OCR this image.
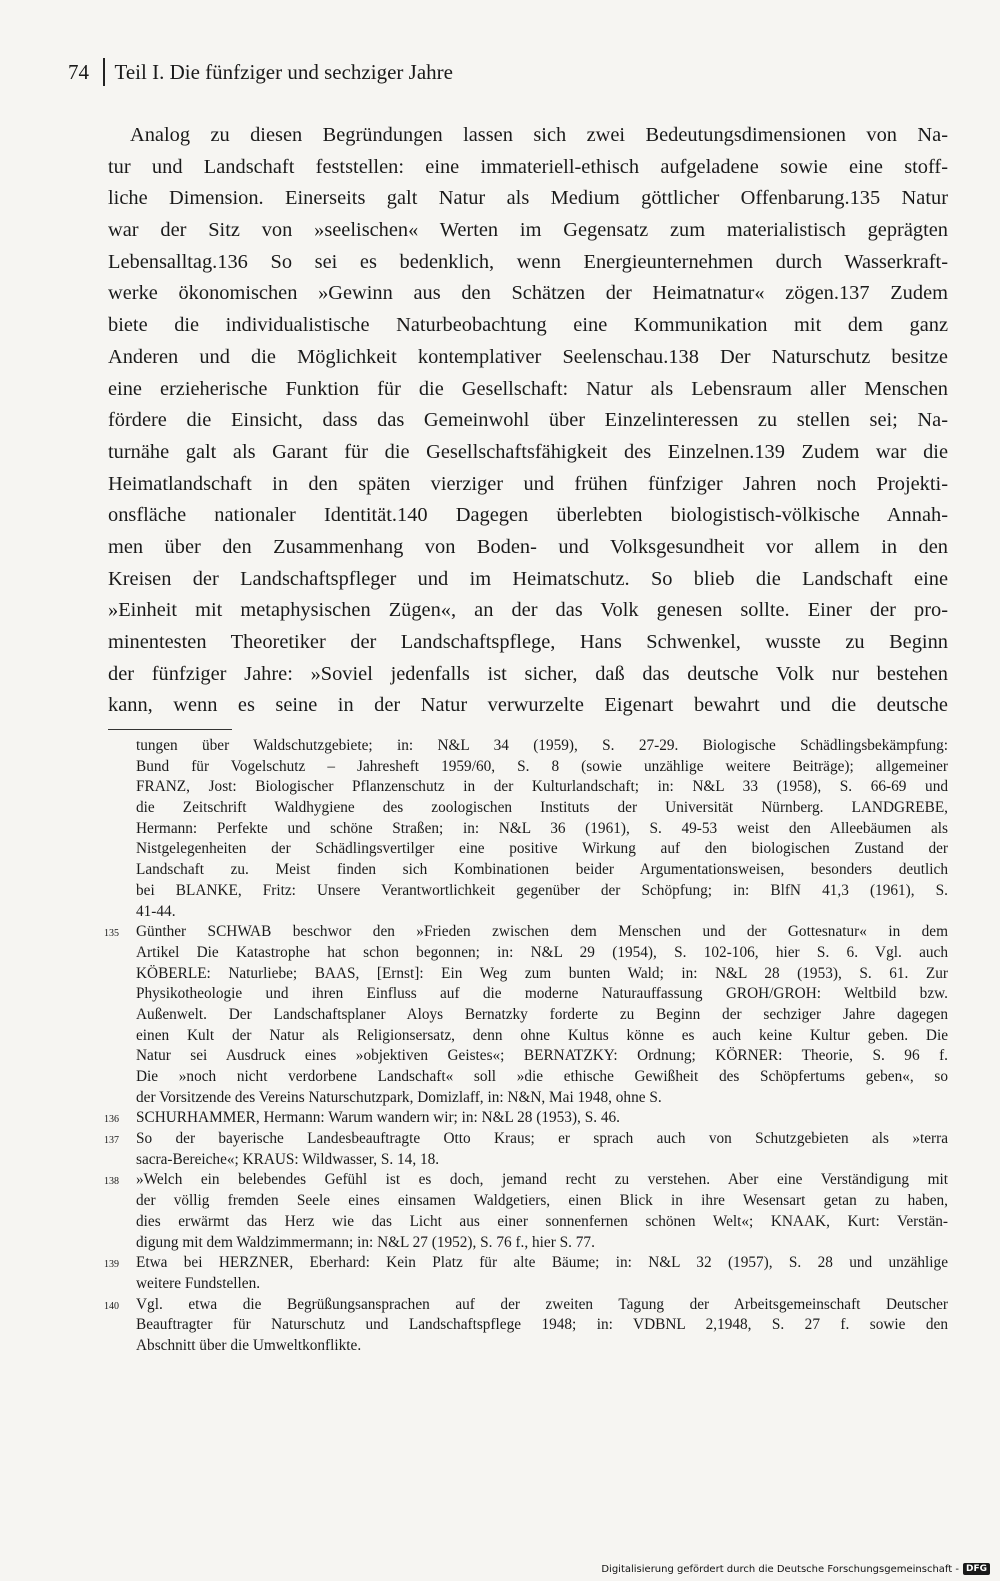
74 Teil I. Die fünfziger und sechziger Jahre
Analog zu diesen Begründungen lassen sich zwei Bedeutungsdimensionen von Na-
tur und Landschaft feststellen: eine immateriell-ethisch aufgeladene sowie eine stoff-
liche Dimension. Einerseits galt Natur als Medium göttlicher Offenbarung.135 Natur
war der Sitz von »seelischen« Werten im Gegensatz zum materialistisch geprägten
Lebensalltag.136 So sei es bedenklich, wenn Energieunternehmen durch Wasserkraft-
werke ökonomischen »Gewinn aus den Schätzen der Heimatnatur« zögen.137 Zudem
biete die individualistische Naturbeobachtung eine Kommunikation mit dem ganz
Anderen und die Möglichkeit kontemplativer Seelenschau.138 Der Naturschutz besitze
eine erzieherische Funktion für die Gesellschaft: Natur als Lebensraum aller Menschen
fördere die Einsicht, dass das Gemeinwohl über Einzelinteressen zu stellen sei; Na-
turnähe galt als Garant für die Gesellschaftsfähigkeit des Einzelnen.139 Zudem war die
Heimatlandschaft in den späten vierziger und frühen fünfziger Jahren noch Projekti-
onsfläche nationaler Identität.140 Dagegen überlebten biologistisch-völkische Annah-
men über den Zusammenhang von Boden- und Volksgesundheit vor allem in den
Kreisen der Landschaftspfleger und im Heimatschutz. So blieb die Landschaft eine
»Einheit mit metaphysischen Zügen«, an der das Volk genesen sollte. Einer der pro-
minentesten Theoretiker der Landschaftspflege, Hans Schwenkel, wusste zu Beginn
der fünfziger Jahre: »Soviel jedenfalls ist sicher, daß das deutsche Volk nur bestehen
kann, wenn es seine in der Natur verwurzelte Eigenart bewahrt und die deutsche
tungen über Waldschutzgebiete; in: N&L 34 (1959), S. 27-29. Biologische Schädlingsbekämpfung:
Bund für Vogelschutz – Jahresheft 1959/60, S. 8 (sowie unzählige weitere Beiträge); allgemeiner
FRANZ, Jost: Biologischer Pflanzenschutz in der Kulturlandschaft; in: N&L 33 (1958), S. 66-69 und
die Zeitschrift Waldhygiene des zoologischen Instituts der Universität Nürnberg. LANDGREBE,
Hermann: Perfekte und schöne Straßen; in: N&L 36 (1961), S. 49-53 weist den Alleebäumen als
Nistgelegenheiten der Schädlingsvertilger eine positive Wirkung auf den biologischen Zustand der
Landschaft zu. Meist finden sich Kombinationen beider Argumentationsweisen, besonders deutlich
bei BLANKE, Fritz: Unsere Verantwortlichkeit gegenüber der Schöpfung; in: BlfN 41,3 (1961), S.
41-44.
135 Günther SCHWAB beschwor den »Frieden zwischen dem Menschen und der Gottesnatur« in dem
Artikel Die Katastrophe hat schon begonnen; in: N&L 29 (1954), S. 102-106, hier S. 6. Vgl. auch
KÖBERLE: Naturliebe; BAAS, [Ernst]: Ein Weg zum bunten Wald; in: N&L 28 (1953), S. 61. Zur
Physikotheologie und ihren Einfluss auf die moderne Naturauffassung GROH/GROH: Weltbild bzw.
Außenwelt. Der Landschaftsplaner Aloys Bernatzky forderte zu Beginn der sechziger Jahre dagegen
einen Kult der Natur als Religionsersatz, denn ohne Kultus könne es auch keine Kultur geben. Die
Natur sei Ausdruck eines »objektiven Geistes«; BERNATZKY: Ordnung; KÖRNER: Theorie, S. 96 f.
Die »noch nicht verdorbene Landschaft« soll »die ethische Gewißheit des Schöpfertums geben«, so
der Vorsitzende des Vereins Naturschutzpark, Domizlaff, in: N&N, Mai 1948, ohne S.
136 SCHURHAMMER, Hermann: Warum wandern wir; in: N&L 28 (1953), S. 46.
137 So der bayerische Landesbeauftragte Otto Kraus; er sprach auch von Schutzgebieten als »terra
sacra-Bereiche«; KRAUS: Wildwasser, S. 14, 18.
138 »Welch ein belebendes Gefühl ist es doch, jemand recht zu verstehen. Aber eine Verständigung mit
der völlig fremden Seele eines einsamen Waldgetiers, einen Blick in ihre Wesensart getan zu haben,
dies erwärmt das Herz wie das Licht aus einer sonnenfernen schönen Welt«; KNAAK, Kurt: Verstän-
digung mit dem Waldzimmermann; in: N&L 27 (1952), S. 76 f., hier S. 77.
139 Etwa bei HERZNER, Eberhard: Kein Platz für alte Bäume; in: N&L 32 (1957), S. 28 und unzählige
weitere Fundstellen.
140 Vgl. etwa die Begrüßungsansprachen auf der zweiten Tagung der Arbeitsgemeinschaft Deutscher
Beauftragter für Naturschutz und Landschaftspflege 1948; in: VDBNL 2,1948, S. 27 f. sowie den
Abschnitt über die Umweltkonflikte.
Digitalisierung gefördert durch die Deutsche Forschungsgemeinschaft - DFG
